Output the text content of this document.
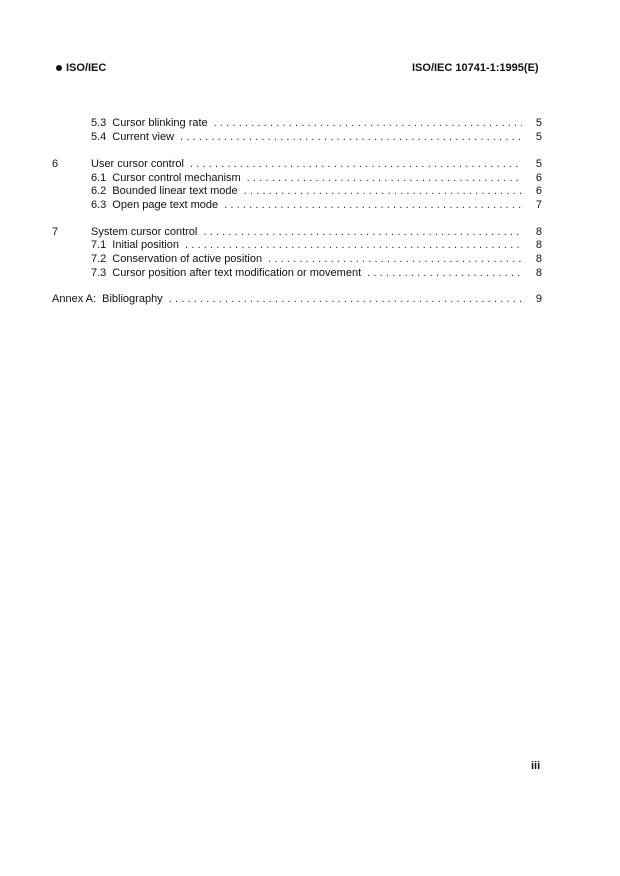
ISO/IEC	ISO/IEC 10741-1:1995(E)
5.3 Cursor blinking rate .....	5
5.4 Current view .....	5
6	User cursor control .....	5
6.1 Cursor control mechanism .....	6
6.2 Bounded linear text mode .....	6
6.3 Open page text mode .....	7
7	System cursor control .....	8
7.1 Initial position .....	8
7.2 Conservation of active position .....	8
7.3 Cursor position after text modification or movement .....	8
Annex A:  Bibliography .....	9
iii
